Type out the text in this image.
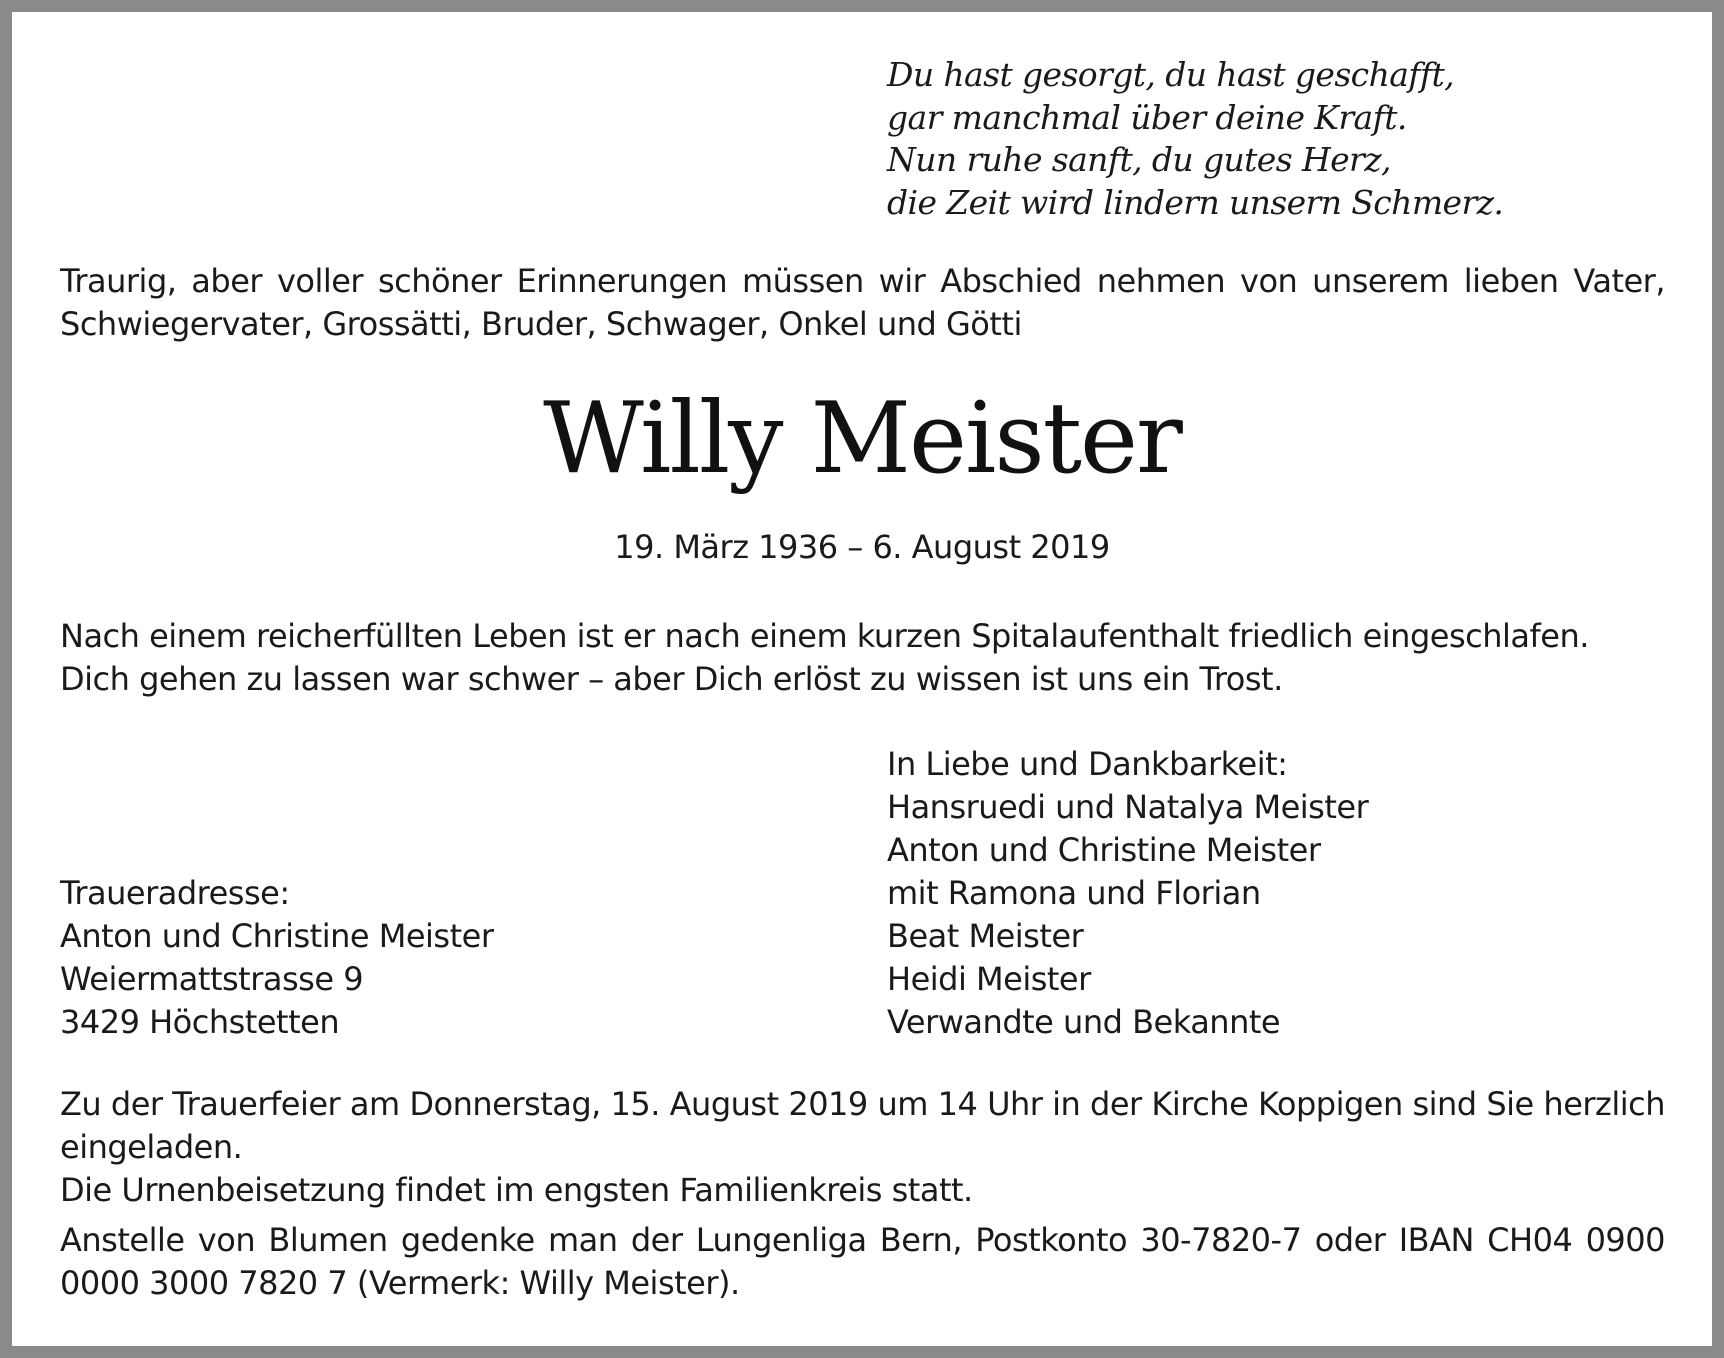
Du hast gesorgt, du hast geschafft,
gar manchmal über deine Kraft.
Nun ruhe sanft, du gutes Herz,
die Zeit wird lindern unsern Schmerz.
Traurig, aber voller schöner Erinnerungen müssen wir Abschied nehmen von unserem lieben Vater, Schwiegervater, Grossätti, Bruder, Schwager, Onkel und Götti
Willy Meister
19. März 1936 – 6. August 2019
Nach einem reicherfüllten Leben ist er nach einem kurzen Spitalaufenthalt friedlich eingeschlafen.
Dich gehen zu lassen war schwer – aber Dich erlöst zu wissen ist uns ein Trost.
In Liebe und Dankbarkeit:
Hansruedi und Natalya Meister
Anton und Christine Meister
mit Ramona und Florian
Beat Meister
Heidi Meister
Verwandte und Bekannte
Traueradresse:
Anton und Christine Meister
Weiermattstrasse 9
3429 Höchstetten
Zu der Trauerfeier am Donnerstag, 15. August 2019 um 14 Uhr in der Kirche Koppigen sind Sie herzlich eingeladen.
Die Urnenbeisetzung findet im engsten Familienkreis statt.
Anstelle von Blumen gedenke man der Lungenliga Bern, Postkonto 30-7820-7 oder IBAN CH04 0900 0000 3000 7820 7 (Vermerk: Willy Meister).
